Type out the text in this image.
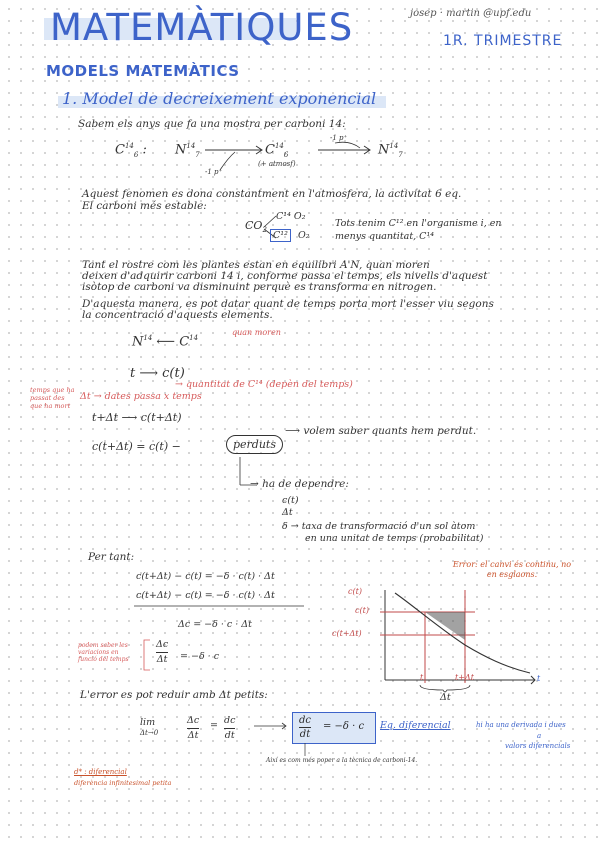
MATEMÀTIQUES	josep · martin @upf.edu
1R. TRIMESTRE
MODELS MATEMÀTICS
1. Model de decreixement exponencial
Sabem els anys que fa una mostra per carboni 14:
$C^{14}_6$ : $N^{14}_7$	$C^{14}_6$	$N^{14}_7$
-1 p⁺
(+ atmosf)
-1 p⁺
Aquest fenomen es dona constantment en l'atmosfera, la activitat 6 eq.
El carboni més estable:
$CO_2$
C¹⁴ O₂
C¹²	O₂
Tots tenim C¹² en l'organisme i, en
menys quantitat, C¹⁴
Tant el rostre com les plantes estan en equilibri A'N, quan moren
deixen d'adquirir carboni 14 i, conforme passa el temps, els nivells d'aquest
isòtop de carboni va disminuint perquè es transforma en nitrogen.
D'aquesta manera, es pot datar quant de temps porta mort l'esser viu segons
la concentració d'aquests elements.
$N^{14}$ ⟵ $C^{14}$
quan moren
t ⟶ c(t)
→ quantitat de C¹⁴ (depèn del temps)
temps que ha passat des que ha mort
Δt → dates passa x temps
t+Δt ⟶ c(t+Δt)
c(t+Δt) = c(t) −	perduts
⟶ volem saber quants hem perdut.
→ ha de dependre:
c(t)
Δt
δ → taxa de transformació d'un sol àtom
en una unitat de temps (probabilitat)
Per tant:
c(t+Δt) − c(t) = −δ · c(t) · Δt
c(t+Δt) − c(t) = −δ · c(t) · Δt
Δc = −δ · c · Δt
podem saber les variacions en funció del temps
Δc
Δt = −δ · c
Error: el canvi és continu, no en esglaons.
c(t)
c(t)
c(t+Δt)
t	t+Δt	t
Δt
L'error es pot reduir amb Δt petits:
lim
Δt→0
Δc
Δt
= dc
dt
dc
dt
= −δ · c Eq. diferencial	hi ha una derivada i dues
a
valors diferencials
Així es com més poper a la tècnica de carboni-14.
d* : diferencial
diferència infinitesimal petita
